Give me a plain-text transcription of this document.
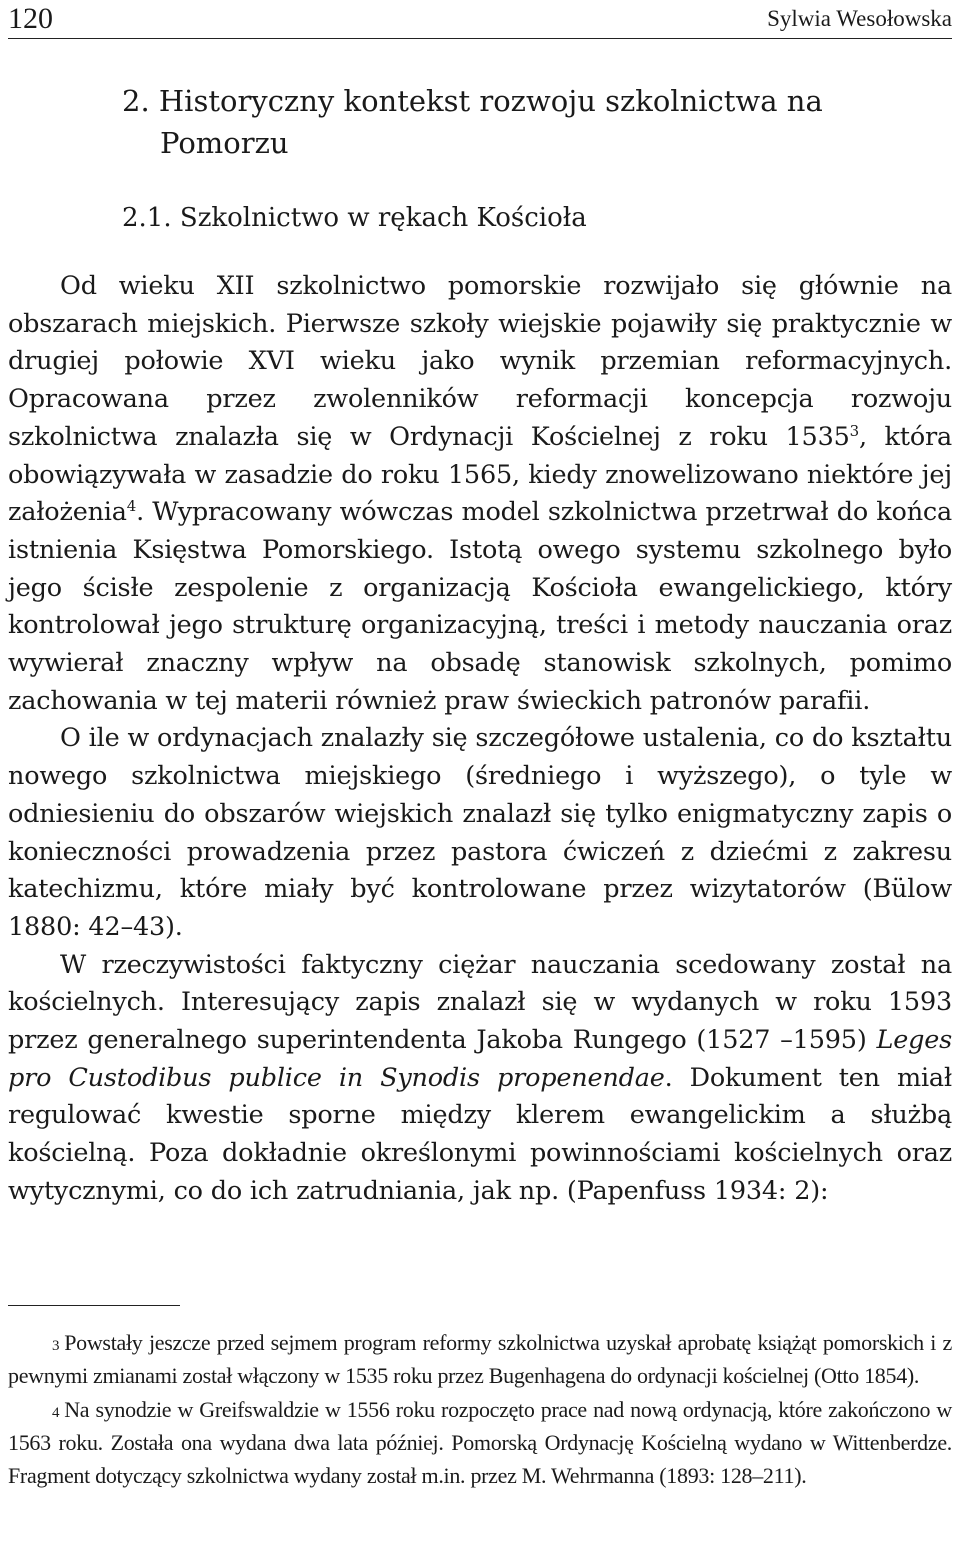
120	Sylwia Wesołowska
2. Historyczny kontekst rozwoju szkolnictwa na Pomorzu
2.1. Szkolnictwo w rękach Kościoła

Od wieku XII szkolnictwo pomorskie rozwijało się głównie na obszarach miejskich. Pierwsze szkoły wiejskie pojawiły się praktycznie w drugiej połowie XVI wieku jako wynik przemian reformacyjnych. Opracowana przez zwolenników reformacji koncepcja rozwoju szkolnictwa znalazła się w Ordynacji Kościelnej z roku 1535$^3$, która obowiązywała w zasadzie do roku 1565, kiedy znowelizowano niektóre jej założenia$^4$. Wypracowany wówczas model szkolnictwa przetrwał do końca istnienia Księstwa Pomorskiego. Istotą owego systemu szkolnego było jego ścisłe zespolenie z organizacją Kościoła ewangelickiego, który kontrolował jego strukturę organizacyjną, treści i metody nauczania oraz wywierał znaczny wpływ na obsadę stanowisk szkolnych, pomimo zachowania w tej materii również praw świeckich patronów parafii.

O ile w ordynacjach znalazły się szczegółowe ustalenia, co do kształtu nowego szkolnictwa miejskiego (średniego i wyższego), o tyle w odniesieniu do obszarów wiejskich znalazł się tylko enigmatyczny zapis o konieczności prowadzenia przez pastora ćwiczeń z dziećmi z zakresu katechizmu, które miały być kontrolowane przez wizytatorów (Bülow 1880: 42–43).

W rzeczywistości faktyczny ciężar nauczania scedowany został na kościelnych. Interesujący zapis znalazł się w wydanych w roku 1593 przez generalnego superintendenta Jakoba Rungego (1527 –1595) Leges pro Custodibus publice in Synodis propenendae. Dokument ten miał regulować kwestie sporne między klerem ewangelickim a służbą kościelną. Poza dokładnie określonymi powinnościami kościelnych oraz wytycznymi, co do ich zatrudniania, jak np. (Papenfuss 1934: 2):

3 Powstały jeszcze przed sejmem program reformy szkolnictwa uzyskał aprobatę książąt pomorskich i z pewnymi zmianami został włączony w 1535 roku przez Bugenhagena do ordynacji kościelnej (Otto 1854).

4 Na synodzie w Greifswaldzie w 1556 roku rozpoczęto prace nad nową ordynacją, które zakończono w 1563 roku. Została ona wydana dwa lata później. Pomorską Ordynację Kościelną wydano w Wittenberdze. Fragment dotyczący szkolnictwa wydany został m.in. przez M. Wehrmanna (1893: 128–211).
